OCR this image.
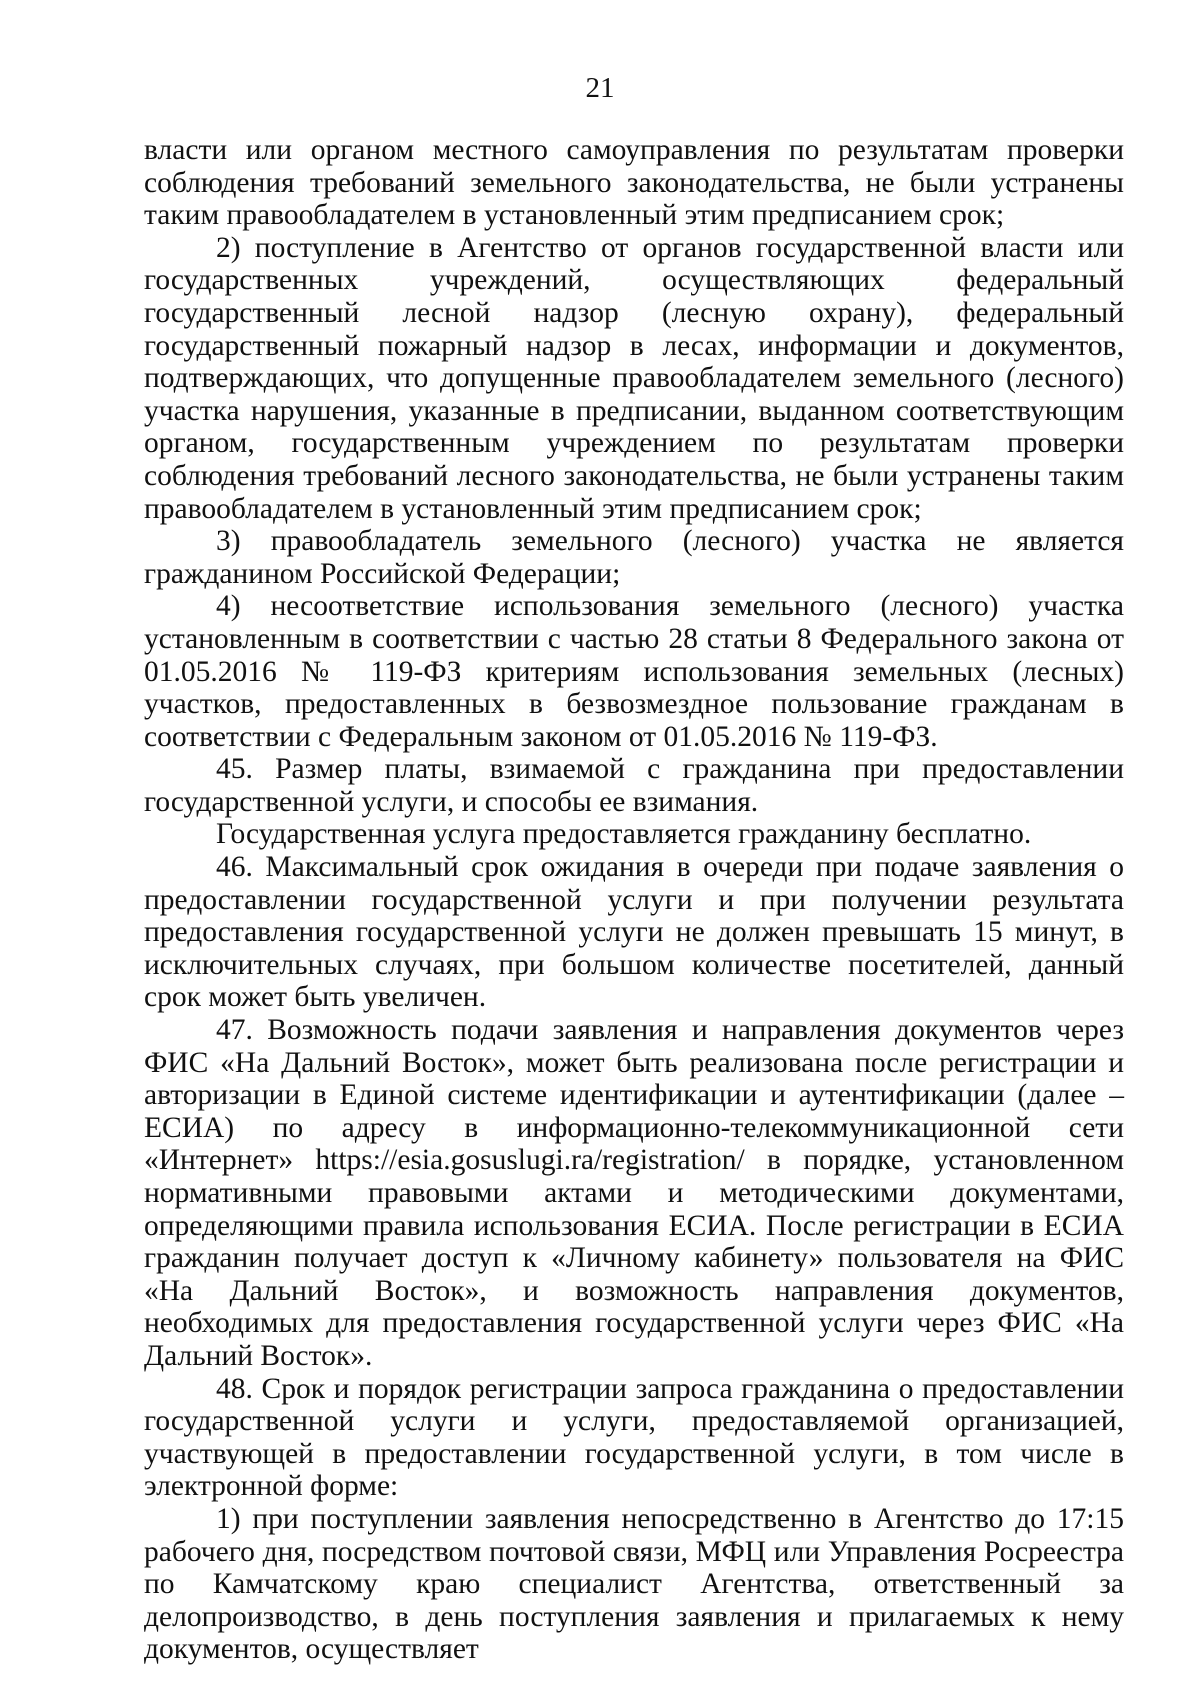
21

власти или органом местного самоуправления по результатам проверки соблюдения требований земельного законодательства, не были устранены таким правообладателем в установленный этим предписанием срок;

2) поступление в Агентство от органов государственной власти или государственных учреждений, осуществляющих федеральный государственный лесной надзор (лесную охрану), федеральный государственный пожарный надзор в лесах, информации и документов, подтверждающих, что допущенные правообладателем земельного (лесного) участка нарушения, указанные в предписании, выданном соответствующим органом, государственным учреждением по результатам проверки соблюдения требований лесного законодательства, не были устранены таким правообладателем в установленный этим предписанием срок;

3) правообладатель земельного (лесного) участка не является гражданином Российской Федерации;

4) несоответствие использования земельного (лесного) участка установленным в соответствии с частью 28 статьи 8 Федерального закона от 01.05.2016 № 119-ФЗ критериям использования земельных (лесных) участков, предоставленных в безвозмездное пользование гражданам в соответствии с Федеральным законом от 01.05.2016 № 119-ФЗ.

45. Размер платы, взимаемой с гражданина при предоставлении государственной услуги, и способы ее взимания.

Государственная услуга предоставляется гражданину бесплатно.

46. Максимальный срок ожидания в очереди при подаче заявления о предоставлении государственной услуги и при получении результата предоставления государственной услуги не должен превышать 15 минут, в исключительных случаях, при большом количестве посетителей, данный срок может быть увеличен.

47. Возможность подачи заявления и направления документов через ФИС «На Дальний Восток», может быть реализована после регистрации и авторизации в Единой системе идентификации и аутентификации (далее – ЕСИА) по адресу в информационно-телекоммуникационной сети «Интернет» https://esia.gosuslugi.ra/registration/ в порядке, установленном нормативными правовыми актами и методическими документами, определяющими правила использования ЕСИА. После регистрации в ЕСИА гражданин получает доступ к «Личному кабинету» пользователя на ФИС «На Дальний Восток», и возможность направления документов, необходимых для предоставления государственной услуги через ФИС «На Дальний Восток».

48. Срок и порядок регистрации запроса гражданина о предоставлении государственной услуги и услуги, предоставляемой организацией, участвующей в предоставлении государственной услуги, в том числе в электронной форме:

1) при поступлении заявления непосредственно в Агентство до 17:15 рабочего дня, посредством почтовой связи, МФЦ или Управления Росреестра по Камчатскому краю специалист Агентства, ответственный за делопроизводство, в день поступления заявления и прилагаемых к нему документов, осуществляет
